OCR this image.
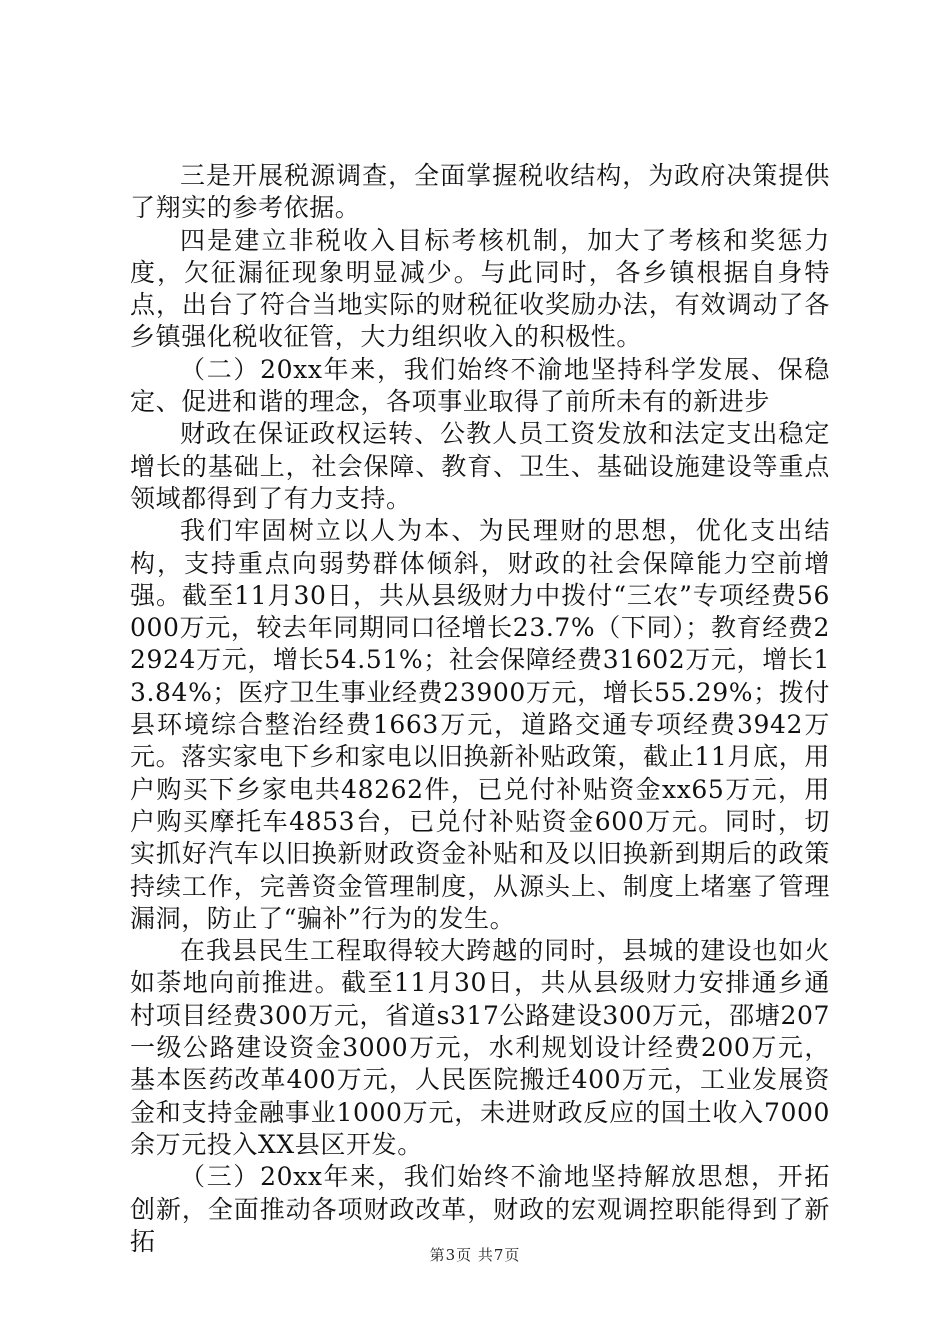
三是开展税源调查，全面掌握税收结构，为政府决策提供了翔实的参考依据。

四是建立非税收入目标考核机制，加大了考核和奖惩力度，欠征漏征现象明显减少。与此同时，各乡镇根据自身特点，出台了符合当地实际的财税征收奖励办法，有效调动了各乡镇强化税收征管，大力组织收入的积极性。

（二）20xx年来，我们始终不渝地坚持科学发展、保稳定、促进和谐的理念，各项事业取得了前所未有的新进步

财政在保证政权运转、公教人员工资发放和法定支出稳定增长的基础上，社会保障、教育、卫生、基础设施建设等重点领域都得到了有力支持。

我们牢固树立以人为本、为民理财的思想，优化支出结构，支持重点向弱势群体倾斜，财政的社会保障能力空前增强。截至11月30日，共从县级财力中拨付“三农”专项经费56000万元，较去年同期同口径增长23.7%（下同）；教育经费22924万元，增长54.51%；社会保障经费31602万元，增长13.84%；医疗卫生事业经费23900万元，增长55.29%；拨付县环境综合整治经费1663万元，道路交通专项经费3942万元。落实家电下乡和家电以旧换新补贴政策，截止11月底，用户购买下乡家电共48262件，已兑付补贴资金xx65万元，用户购买摩托车4853台，已兑付补贴资金600万元。同时，切实抓好汽车以旧换新财政资金补贴和及以旧换新到期后的政策持续工作，完善资金管理制度，从源头上、制度上堵塞了管理漏洞，防止了“骗补”行为的发生。

在我县民生工程取得较大跨越的同时，县城的建设也如火如荼地向前推进。截至11月30日，共从县级财力安排通乡通村项目经费300万元，省道s317公路建设300万元，邵塘207一级公路建设资金3000万元，水利规划设计经费200万元，基本医药改革400万元，人民医院搬迁400万元，工业发展资金和支持金融事业1000万元，未进财政反应的国土收入7000余万元投入XX县区开发。

（三）20xx年来，我们始终不渝地坚持解放思想，开拓创新，全面推动各项财政改革，财政的宏观调控职能得到了新拓	第3页 共7页
